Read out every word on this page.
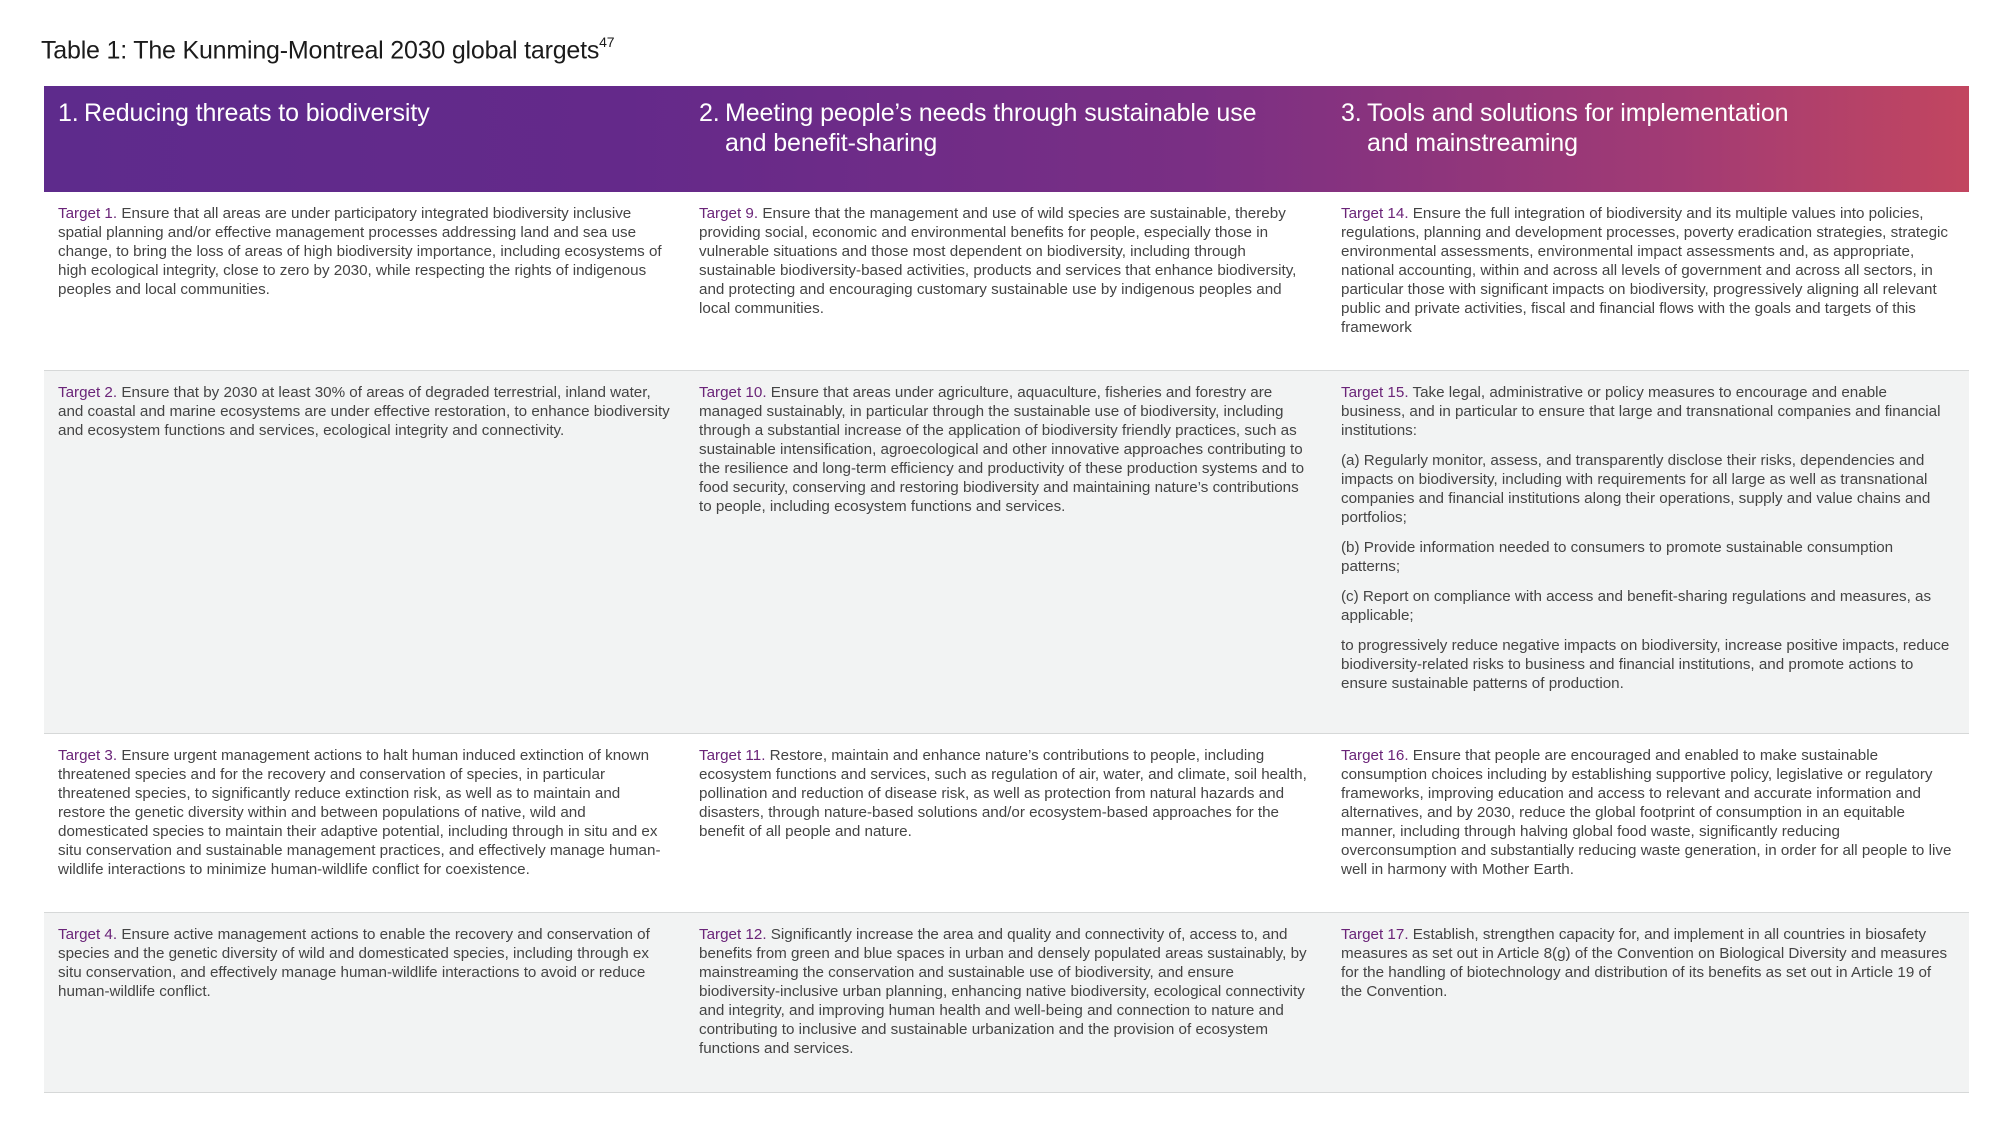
Table 1: The Kunming-Montreal 2030 global targets$^{47}$
1. Reducing threats to biodiversity	2. Meeting people’s needs through sustainable use
and benefit-sharing
3. Tools and solutions for implementation
and mainstreaming

Target 1. Ensure that all areas are under participatory integrated biodiversity inclusive spatial planning and/or effective management processes addressing land and sea use change, to bring the loss of areas of high biodiversity importance, including ecosystems of high ecological integrity, close to zero by 2030, while respecting the rights of indigenous peoples and local communities.

Target 9. Ensure that the management and use of wild species are sustainable, thereby providing social, economic and environmental benefits for people, especially those in vulnerable situations and those most dependent on biodiversity, including through sustainable biodiversity-based activities, products and services that enhance biodiversity, and protecting and encouraging customary sustainable use by indigenous peoples and local communities.

Target 14. Ensure the full integration of biodiversity and its multiple values into policies, regulations, planning and development processes, poverty eradication strategies, strategic environmental assessments, environmental impact assessments and, as appropriate, national accounting, within and across all levels of government and across all sectors, in particular those with significant impacts on biodiversity, progressively aligning all relevant public and private activities, fiscal and financial flows with the goals and targets of this framework

Target 2. Ensure that by 2030 at least 30% of areas of degraded terrestrial, inland water, and coastal and marine ecosystems are under effective restoration, to enhance biodiversity and ecosystem functions and services, ecological integrity and connectivity.

Target 10. Ensure that areas under agriculture, aquaculture, fisheries and forestry are managed sustainably, in particular through the sustainable use of biodiversity, including through a substantial increase of the application of biodiversity friendly practices, such as sustainable intensification, agroecological and other innovative approaches contributing to the resilience and long-term efficiency and productivity of these production systems and to food security, conserving and restoring biodiversity and maintaining nature’s contributions to people, including ecosystem functions and services.

Target 15. Take legal, administrative or policy measures to encourage and enable business, and in particular to ensure that large and transnational companies and financial institutions:

(a) Regularly monitor, assess, and transparently disclose their risks, dependencies and impacts on biodiversity, including with requirements for all large as well as transnational companies and financial institutions along their operations, supply and value chains and portfolios;

(b) Provide information needed to consumers to promote sustainable consumption patterns;

(c) Report on compliance with access and benefit-sharing regulations and measures, as applicable;

to progressively reduce negative impacts on biodiversity, increase positive impacts, reduce biodiversity-related risks to business and financial institutions, and promote actions to ensure sustainable patterns of production.

Target 3. Ensure urgent management actions to halt human induced extinction of known threatened species and for the recovery and conservation of species, in particular threatened species, to significantly reduce extinction risk, as well as to maintain and restore the genetic diversity within and between populations of native, wild and domesticated species to maintain their adaptive potential, including through in situ and ex situ conservation and sustainable management practices, and effectively manage human-wildlife interactions to minimize human-wildlife conflict for coexistence.

Target 11. Restore, maintain and enhance nature’s contributions to people, including ecosystem functions and services, such as regulation of air, water, and climate, soil health, pollination and reduction of disease risk, as well as protection from natural hazards and disasters, through nature-based solutions and/or ecosystem-based approaches for the benefit of all people and nature.

Target 16. Ensure that people are encouraged and enabled to make sustainable consumption choices including by establishing supportive policy, legislative or regulatory frameworks, improving education and access to relevant and accurate information and alternatives, and by 2030, reduce the global footprint of consumption in an equitable manner, including through halving global food waste, significantly reducing overconsumption and substantially reducing waste generation, in order for all people to live well in harmony with Mother Earth.

Target 4. Ensure active management actions to enable the recovery and conservation of species and the genetic diversity of wild and domesticated species, including through ex situ conservation, and effectively manage human-wildlife interactions to avoid or reduce human-wildlife conflict.

Target 12. Significantly increase the area and quality and connectivity of, access to, and benefits from green and blue spaces in urban and densely populated areas sustainably, by mainstreaming the conservation and sustainable use of biodiversity, and ensure biodiversity-inclusive urban planning, enhancing native biodiversity, ecological connectivity and integrity, and improving human health and well-being and connection to nature and contributing to inclusive and sustainable urbanization and the provision of ecosystem functions and services.

Target 17. Establish, strengthen capacity for, and implement in all countries in biosafety measures as set out in Article 8(g) of the Convention on Biological Diversity and measures for the handling of biotechnology and distribution of its benefits as set out in Article 19 of the Convention.
